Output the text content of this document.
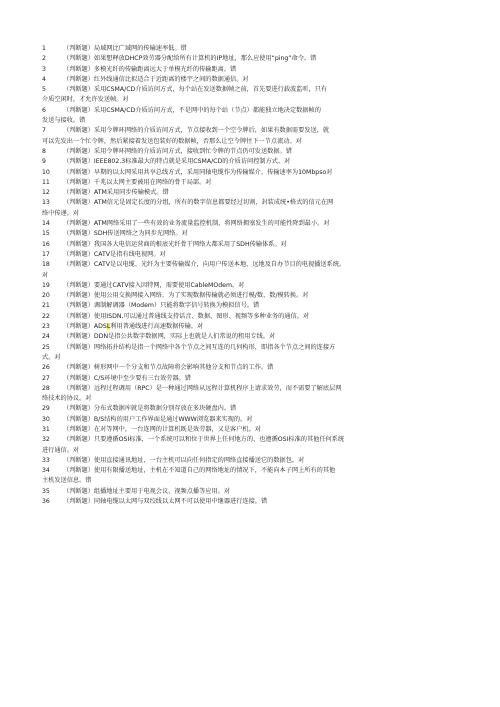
1	（判断题）局域网比广域网的传输速率低。错
2	（判断题）如果想释放DHCP效劳器分配给所有计算机的IP地址，那么应使用“ping”命令。错
3	（判断题）多模光纤的传输距离远大于单模光纤的传输距离。错
4	（判断题）红外线通信比拟适合于近距离的楼宇之间的数据通信。对
5	（判断题）采用CSMA/CD介质访问方式，每个站在发送数据帧之前，首先要进行载波监听，只有
介质空闲时，才允许发送帧。对
6	（判断题）采用CSMA/CD介质访问方式，不是网中的每个站（节点）都能独立地决定数据帧的
发送与接收。错
7	（判断题）采用令牌环网络的介质访问方式，节点接收到一个空令牌后，如果有数据需要发送，就
可以先发出一个忙令牌，然后紧接着发送包装好的数据帧，否那么让空令牌往下一节点流动。对
8	（判断题）采用令牌环网络的介质访问方式，接收到忙令牌的节点仍可发送数据。错
9	（判断题）IEEE802.3标准最大的特点就是采用CSMA/CD的介质访问控制方式。对
10	（判断题）早期的以太网采用共享总线方式，采用同轴电缆作为传输媒介，传输速率为10Mbpso对
11	（判断题）千兆以太网主要被用在网络的骨干局部。对
12	（判断题）ATM采用同步传输模式。错
13	（判断题）ATM信元是固定长度的分组，所有的数字信息都要经过切割，封装成统•格式的信元在网
络中传递。对
14	（判断题）ATM网络采用了一些有效的业务流量监控机制，将网络拥塞发生的可能性降到最小。对
15	（判断题）SDH传送网络之为同步光网络。对
16	（判断题）我国各大电信运营商的根底光纤骨干网络大都采用了SDH传输体系。对
17	（判断题）CATV是指有线电视网。对
18	（判断题）CATV是以电缆、光纤为主要传输媒介，向用户传送本地、远地及自办节目的电视播送系统。
对
19	（判断题）要通过CATV接入因特网，需要使用CableMOdem。对
20	（判断题）使用公用交换网接入网络，为了实现数据传输就必须进行模/数、数/模转换。对
21	（判断题）调制解调器（Modem）只能将数字信号转换为模拟信号。错
22	（判断题）使用ISDN,可以通过普通线支持话音、数据、图形、视频等多种业务的通信。对
23	（判断题）ADSL利用普通线进行高速数据传输。对
24	（判断题）DDN是指公共数字数据网，实际上也就是人们常说的租用专线。对
25	（判断题）网络拓扑结构是指一个网络中各个节点之间互连的几何构形，即指各个节点之间的连接方
式。对
26	（判断题）树形网中一个分支和节点故障将会影响其他分支和节点的工作。错
27	（判断题）C/S环境中至少要有三台效劳器。错
28	（判断题）远程过程调用（RPC）是一种通过网络从远程计算机程序上请求效劳，而不需要了解底层网
络技术的协议。对
29	（判断题）分布式数据库就是将数据分别存放在多块硬盘内。错
30	（判断题）B/S结构的用户工作界面是通过WWW浏览器来实现的。对
31	（判断题）在对等网中，一台连网的计算机既是效劳器，又是客户机。对
32	（判断题）只要遵循OSI标准，一个系统可以和位于世界上任何地方的、也遵循OSI标准的其他任何系统
进行通信。对
33	（判断题）使用直接通讯地址，一台主机可以向任何指定的网络直接播送它的数据包。对
34	（判断题）使用有限播送地址，主机在不知道自己的网络地址的情况下，不能向本子网上所有的其他
主机发送信息。错
35	（判断题）组播地址主要用于电视会议、视频点播等应用。对
36	（判断题）同轴电缆以太网与双绞线以太网不可以使用中继器进行连接。错
